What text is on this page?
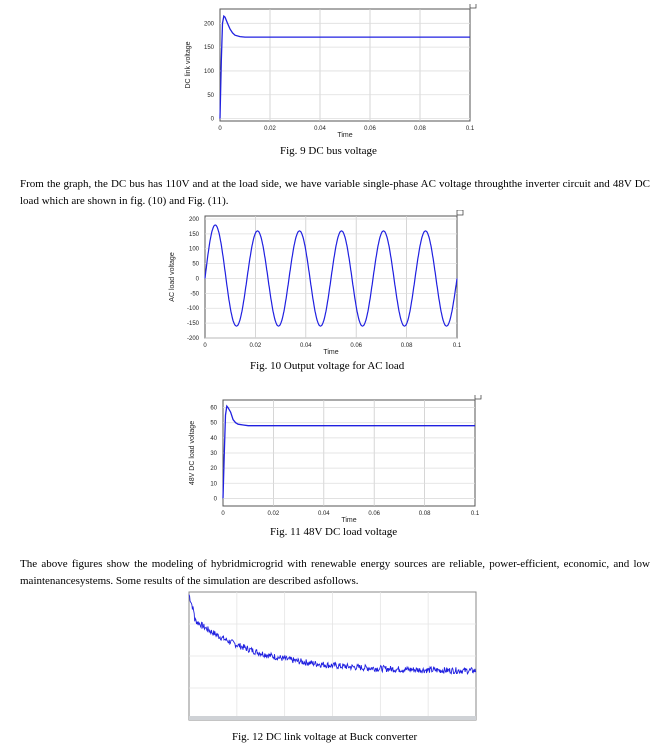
0	0.02	0.04	0.06	0.08	0.1
Time
0
50
100
150
200
DC link voltage
Fig. 9 DC bus voltage
From the graph, the DC bus has 110V and at the load side, we have variable single-phase AC voltage throughthe inverter circuit and 48V DC load which are shown in fig. (10) and Fig. (11).
0	0.02	0.04	0.06	0.08	0.1
Time
200
150
100
50
0
-50
-100
-150
-200
AC load voltage
Fig. 10 Output voltage for AC load
0	0.02	0.04	0.06	0.08	0.1
Time
0
10
20
30
40
50
60
48V DC load voltage
Fig. 11 48V DC load voltage
The above figures show the modeling of hybridmicrogrid with renewable energy sources are reliable, power-efficient, economic, and low maintenancesystems. Some results of the simulation are described asfollows.
Fig. 12 DC link voltage at Buck converter
